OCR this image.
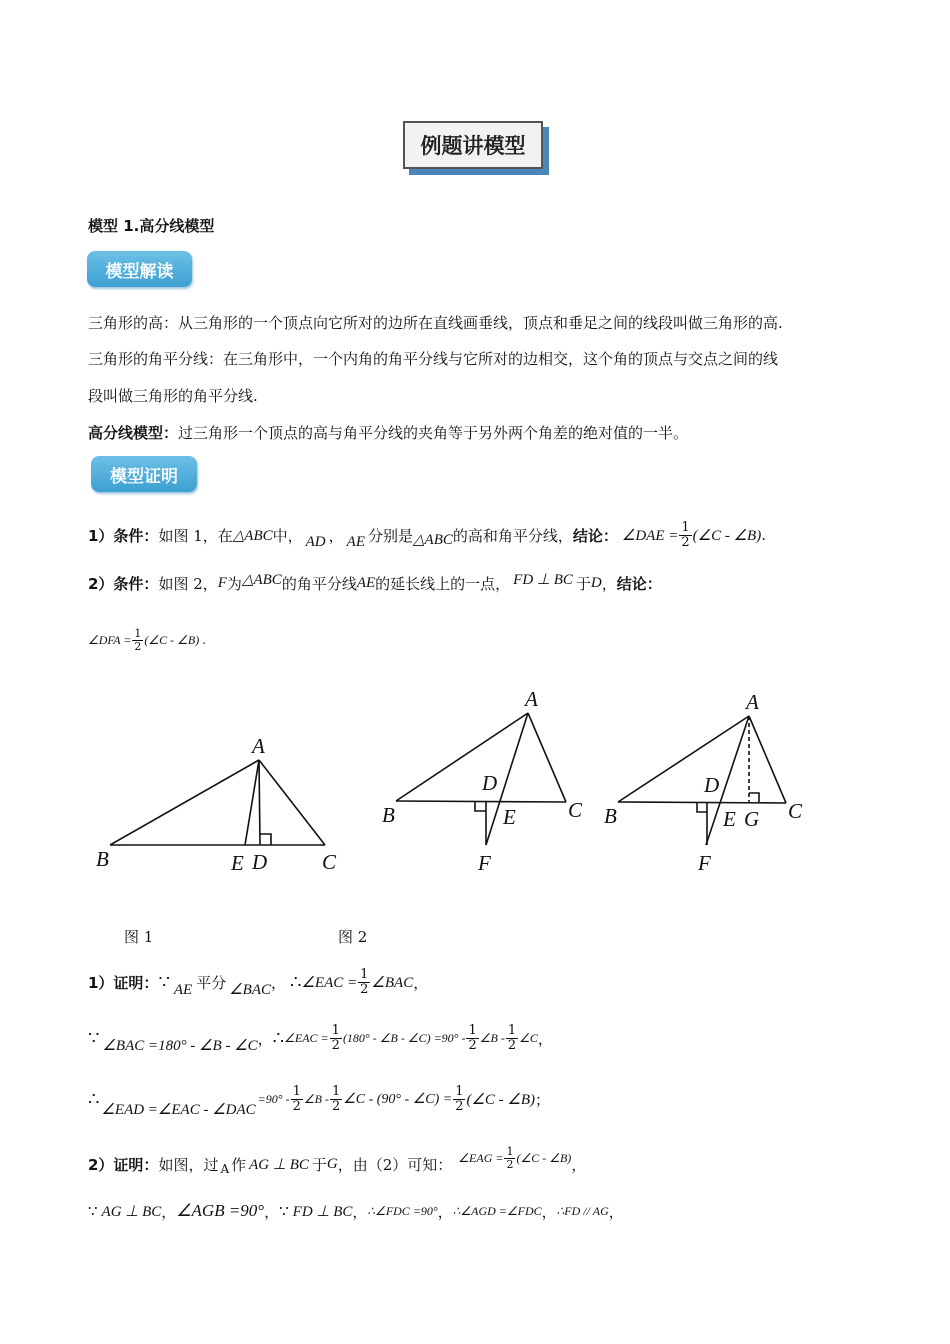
例题讲模型
模型 1.高分线模型
模型解读
三角形的高：从三角形的一个顶点向它所对的边所在直线画垂线，顶点和垂足之间的线段叫做三角形的高.
三角形的角平分线：在三角形中，一个内角的角平分线与它所对的边相交，这个角的顶点与交点之间的线
段叫做三角形的角平分线.
高分线模型：过三角形一个顶点的高与角平分线的夹角等于另外两个角差的绝对值的一半。
模型证明
1）条件： 如图 1，在 △ABC 中， AD ， AE 分别是 △ABC 的高和角平分线， 结论： ∠DAE = $\frac{1}{2}$ (∠C - ∠B) .
2）条件： 如图 2， F 为 △ABC 的角平分线 AE 的延长线上的一点， FD ⊥ BC 于 D ， 结论：
∠DFA = $\frac{1}{2}$ (∠C - ∠B) .
A
B	C
D
E
A
B	C
D
E
F
A
B	C
D
E G
F
图 1	图 2
1）证明： ∵ AE 平分 ∠BAC ， ∴ ∠EAC = $\frac{1}{2}$ ∠BAC ，
∵ ∠BAC =180° - ∠B - ∠C ， ∴ ∠EAC = $\frac{1}{2} (180^\circ$ - ∠B - ∠C) $=90^\circ - \frac{1}{2}$ ∠B - $\frac{1}{2}$ ∠C ，
∴ ∠EAD =∠EAC - ∠DAC
$=90^\circ - \frac{1}{2}$ ∠B - $\frac{1}{2}$ ∠C - (90° - ∠C) = $\frac{1}{2}$ (∠C - ∠B) ；
2）证明： 如图，过 A 作 AG ⊥ BC 于 G ，由（2）可知： ∠EAG = $\frac{1}{2}$ (∠C - ∠B) ，
∵ AG ⊥ BC ， ∠AGB =90° ， ∵ FD ⊥ BC ， ∴∠FDC =90° ， ∴∠AGD =∠FDC ， ∴FD // AG ，
